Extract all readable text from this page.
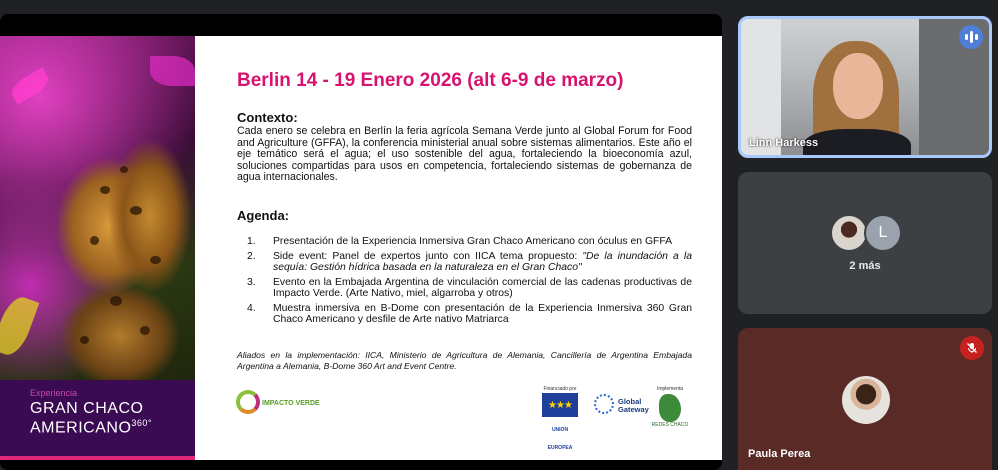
Experiencia
GRAN CHACO
$AMERICANO^{360^\circ}$
Berlin 14 - 19 Enero 2026 (alt 6-9 de marzo)
Contexto:
Cada enero se celebra en Berlín la feria agrícola Semana Verde junto al Global Forum for Food and Agriculture (GFFA), la conferencia ministerial anual sobre sistemas alimentarios. Este año el eje temático será el agua; el uso sostenible del agua, fortaleciendo la bioeconomía azul, soluciones compartidas para usos en competencia, fortaleciendo sistemas de gobernanza de agua internacionales.
Agenda:
1. Presentación de la Experiencia Inmersiva Gran Chaco Americano con óculus en GFFA
2. Side event: Panel de expertos junto con IICA tema propuesto: "De la inundación a la sequía: Gestión hídrica basada en la naturaleza en el Gran Chaco"
3. Evento en la Embajada Argentina de vinculación comercial de las cadenas productivas de Impacto Verde. (Arte Nativo, miel, algarroba y otros)
4. Muestra inmersiva en B-Dome con presentación de la Experiencia Inmersiva 360 Gran Chaco Americano y desfile de Arte nativo Matriarca
Aliados en la implementación: IICA, Ministerio de Agricultura de Alemania, Cancillería de Argentina Embajada Argentina a Alemania, B-Dome 360 Art and Event Centre.
IMPACTO VERDE
Financiado por
★★★
UNION EUROPEA
Global Gateway
Implementa
REDES CHACO
Linn Harkess
L
2 más
Paula Perea
